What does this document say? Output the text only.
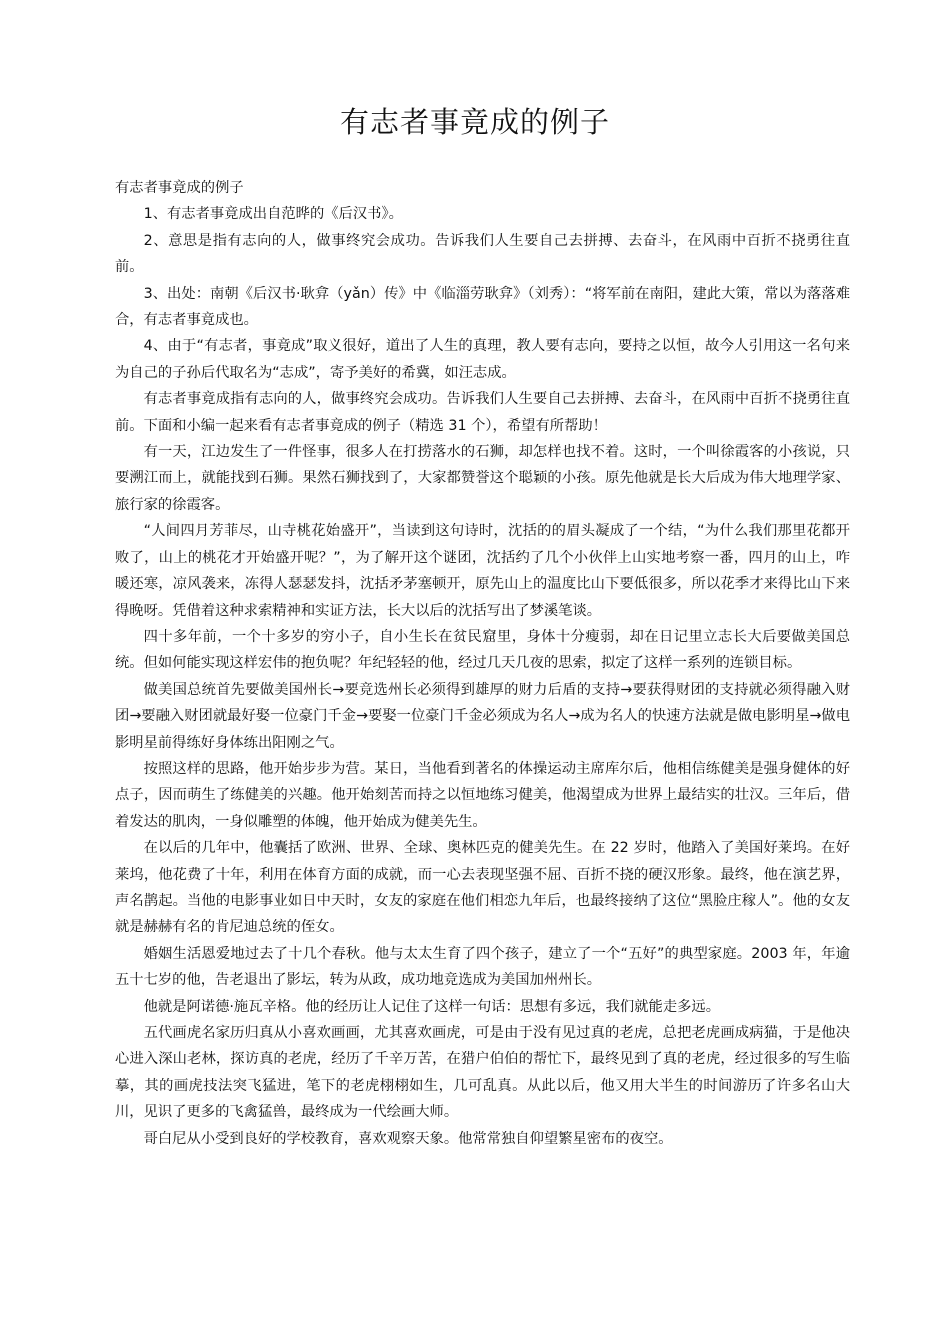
有志者事竟成的例子

有志者事竟成的例子

1、有志者事竟成出自范晔的《后汉书》。

2、意思是指有志向的人，做事终究会成功。告诉我们人生要自己去拼搏、去奋斗，在风雨中百折不挠勇往直前。

3、出处：南朝《后汉书·耿弇（yǎn）传》中《临淄劳耿弇》（刘秀）：“将军前在南阳，建此大策，常以为落落难合，有志者事竟成也。

4、由于“有志者，事竟成”取义很好，道出了人生的真理，教人要有志向，要持之以恒，故今人引用这一名句来为自己的子孙后代取名为“志成”，寄予美好的希冀，如汪志成。

有志者事竟成指有志向的人，做事终究会成功。告诉我们人生要自己去拼搏、去奋斗，在风雨中百折不挠勇往直前。下面和小编一起来看有志者事竟成的例子（精选 31 个），希望有所帮助！

有一天，江边发生了一件怪事，很多人在打捞落水的石狮，却怎样也找不着。这时，一个叫徐霞客的小孩说，只要溯江而上，就能找到石狮。果然石狮找到了，大家都赞誉这个聪颖的小孩。原先他就是长大后成为伟大地理学家、旅行家的徐霞客。

“人间四月芳菲尽，山寺桃花始盛开”，当读到这句诗时，沈括的的眉头凝成了一个结，“为什么我们那里花都开败了，山上的桃花才开始盛开呢？”，为了解开这个谜团，沈括约了几个小伙伴上山实地考察一番，四月的山上，咋暖还寒，凉风袭来，冻得人瑟瑟发抖，沈括矛茅塞顿开，原先山上的温度比山下要低很多，所以花季才来得比山下来得晚呀。凭借着这种求索精神和实证方法，长大以后的沈括写出了梦溪笔谈。

四十多年前，一个十多岁的穷小子，自小生长在贫民窟里，身体十分瘦弱，却在日记里立志长大后要做美国总统。但如何能实现这样宏伟的抱负呢？年纪轻轻的他，经过几天几夜的思索，拟定了这样一系列的连锁目标。

做美国总统首先要做美国州长→要竞选州长必须得到雄厚的财力后盾的支持→要获得财团的支持就必须得融入财团→要融入财团就最好娶一位豪门千金→要娶一位豪门千金必须成为名人→成为名人的快速方法就是做电影明星→做电影明星前得练好身体练出阳刚之气。

按照这样的思路，他开始步步为营。某日，当他看到著名的体操运动主席库尔后，他相信练健美是强身健体的好点子，因而萌生了练健美的兴趣。他开始刻苦而持之以恒地练习健美，他渴望成为世界上最结实的壮汉。三年后，借着发达的肌肉，一身似雕塑的体魄，他开始成为健美先生。

在以后的几年中，他囊括了欧洲、世界、全球、奥林匹克的健美先生。在 22 岁时，他踏入了美国好莱坞。在好莱坞，他花费了十年，利用在体育方面的成就，而一心去表现坚强不屈、百折不挠的硬汉形象。最终，他在演艺界，声名鹊起。当他的电影事业如日中天时，女友的家庭在他们相恋九年后，也最终接纳了这位“黑脸庄稼人”。他的女友就是赫赫有名的肯尼迪总统的侄女。

婚姻生活恩爱地过去了十几个春秋。他与太太生育了四个孩子，建立了一个“五好”的典型家庭。2003 年，年逾五十七岁的他，告老退出了影坛，转为从政，成功地竞选成为美国加州州长。

他就是阿诺德·施瓦辛格。他的经历让人记住了这样一句话：思想有多远，我们就能走多远。

五代画虎名家历归真从小喜欢画画，尤其喜欢画虎，可是由于没有见过真的老虎，总把老虎画成病猫，于是他决心进入深山老林，探访真的老虎，经历了千辛万苦，在猎户伯伯的帮忙下，最终见到了真的老虎，经过很多的写生临摹，其的画虎技法突飞猛进，笔下的老虎栩栩如生，几可乱真。从此以后，他又用大半生的时间游历了许多名山大川，见识了更多的飞禽猛兽，最终成为一代绘画大师。

哥白尼从小受到良好的学校教育，喜欢观察天象。他常常独自仰望繁星密布的夜空。
